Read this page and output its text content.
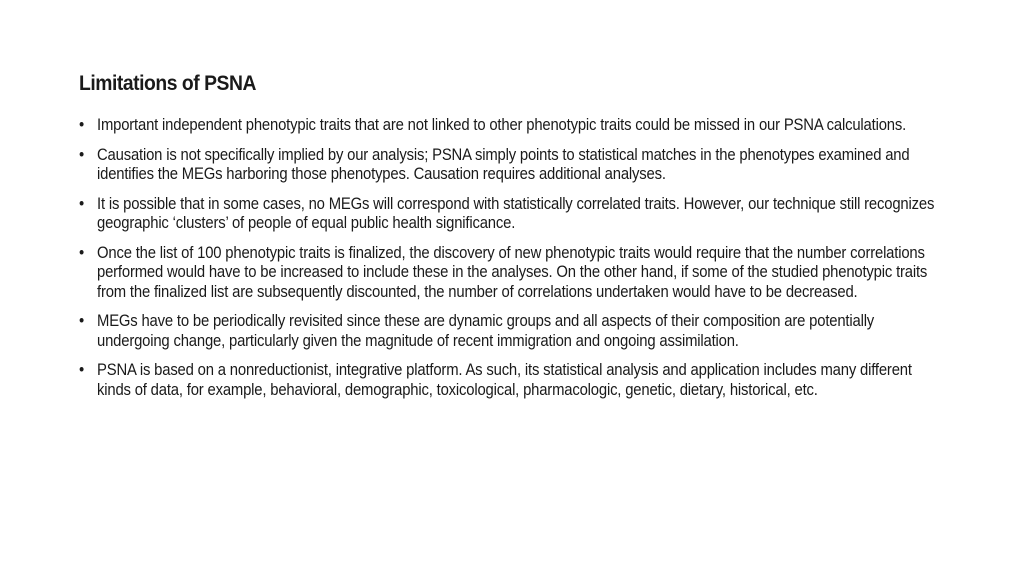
Limitations of PSNA
• Important independent phenotypic traits that are not linked to other phenotypic traits could be missed in our PSNA calculations.
• Causation is not specifically implied by our analysis; PSNA simply points to statistical matches in the phenotypes examined and identifies the MEGs harboring those phenotypes. Causation requires additional analyses.
• It is possible that in some cases, no MEGs will correspond with statistically correlated traits. However, our technique still recognizes geographic ‘clusters’ of people of equal public health significance.
• Once the list of 100 phenotypic traits is finalized, the discovery of new phenotypic traits would require that the number correlations performed would have to be increased to include these in the analyses. On the other hand, if some of the studied phenotypic traits from the finalized list are subsequently discounted, the number of correlations undertaken would have to be decreased.
• MEGs have to be periodically revisited since these are dynamic groups and all aspects of their composition are potentially undergoing change, particularly given the magnitude of recent immigration and ongoing assimilation.
• PSNA is based on a nonreductionist, integrative platform. As such, its statistical analysis and application includes many different kinds of data, for example, behavioral, demographic, toxicological, pharmacologic, genetic, dietary, historical, etc.
